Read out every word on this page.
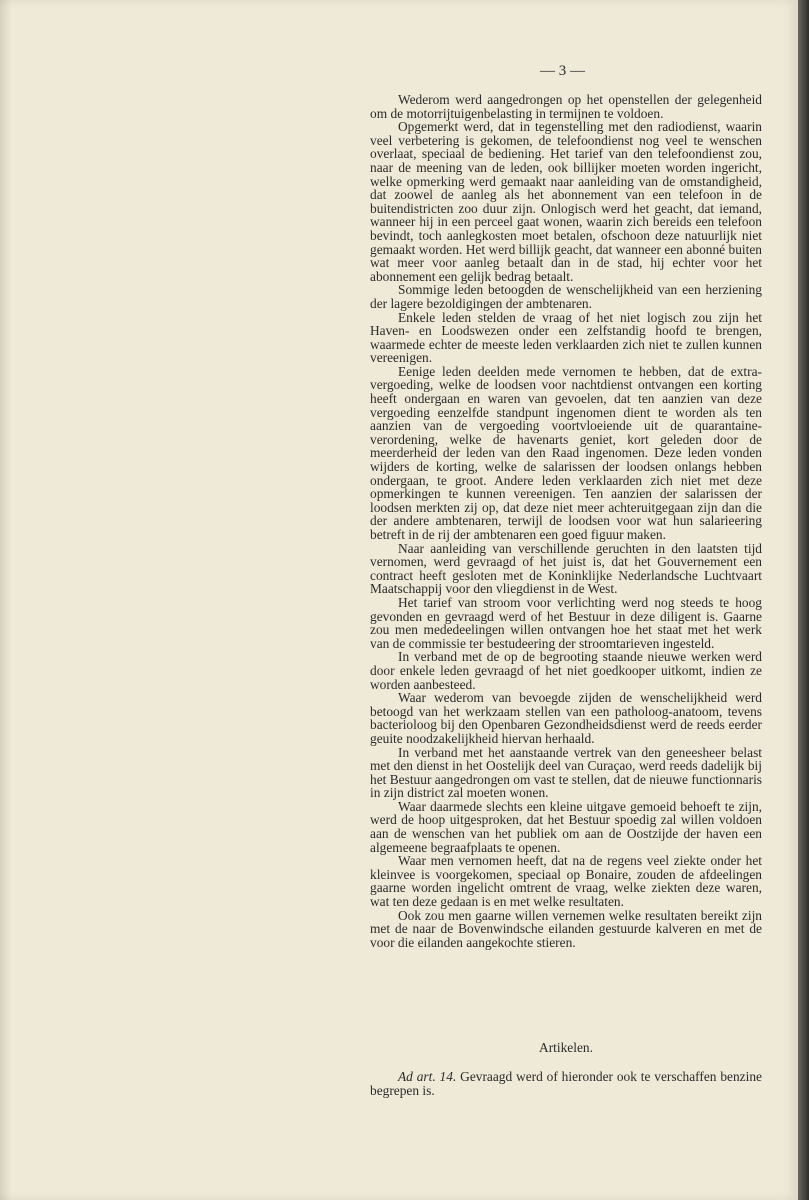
— 3 —

Wederom werd aangedrongen op het openstellen der gelegenheid om de motorrijtuigenbelasting in termijnen te voldoen.

Opgemerkt werd, dat in tegenstelling met den radiodienst, waarin veel verbetering is gekomen, de telefoondienst nog veel te wenschen overlaat, speciaal de bediening. Het tarief van den telefoondienst zou, naar de meening van de leden, ook billijker moeten worden ingericht, welke opmerking werd gemaakt naar aanleiding van de omstandigheid, dat zoowel de aanleg als het abonnement van een telefoon in de buitendistricten zoo duur zijn. Onlogisch werd het geacht, dat iemand, wanneer hij in een perceel gaat wonen, waarin zich bereids een telefoon bevindt, toch aanlegkosten moet betalen, ofschoon deze natuurlijk niet gemaakt worden. Het werd billijk geacht, dat wanneer een abonné buiten wat meer voor aanleg betaalt dan in de stad, hij echter voor het abonnement een gelijk bedrag betaalt.

Sommige leden betoogden de wenschelijkheid van een herziening der lagere bezoldigingen der ambtenaren.

Enkele leden stelden de vraag of het niet logisch zou zijn het Haven- en Loodswezen onder een zelfstandig hoofd te brengen, waarmede echter de meeste leden verklaarden zich niet te zullen kunnen vereenigen.

Eenige leden deelden mede vernomen te hebben, dat de extra-vergoeding, welke de loodsen voor nachtdienst ontvangen een korting heeft ondergaan en waren van gevoelen, dat ten aanzien van deze vergoeding eenzelfde standpunt ingenomen dient te worden als ten aanzien van de vergoeding voortvloeiende uit de quarantaine-verordening, welke de havenarts geniet, kort geleden door de meerderheid der leden van den Raad ingenomen. Deze leden vonden wijders de korting, welke de salarissen der loodsen onlangs hebben ondergaan, te groot. Andere leden verklaarden zich niet met deze opmerkingen te kunnen vereenigen. Ten aanzien der salarissen der loodsen merkten zij op, dat deze niet meer achteruitgegaan zijn dan die der andere ambtenaren, terwijl de loodsen voor wat hun salarieering betreft in de rij der ambtenaren een goed figuur maken.

Naar aanleiding van verschillende geruchten in den laatsten tijd vernomen, werd gevraagd of het juist is, dat het Gouvernement een contract heeft gesloten met de Koninklijke Nederlandsche Luchtvaart Maatschappij voor den vliegdienst in de West.

Het tarief van stroom voor verlichting werd nog steeds te hoog gevonden en gevraagd werd of het Bestuur in deze diligent is. Gaarne zou men mededeelingen willen ontvangen hoe het staat met het werk van de commissie ter bestudeering der stroomtarieven ingesteld.

In verband met de op de begrooting staande nieuwe werken werd door enkele leden gevraagd of het niet goedkooper uitkomt, indien ze worden aanbesteed.

Waar wederom van bevoegde zijden de wenschelijkheid werd betoogd van het werkzaam stellen van een patholoog-anatoom, tevens bacterioloog bij den Openbaren Gezondheidsdienst werd de reeds eerder geuite noodzakelijkheid hiervan herhaald.

In verband met het aanstaande vertrek van den geneesheer belast met den dienst in het Oostelijk deel van Curaçao, werd reeds dadelijk bij het Bestuur aangedrongen om vast te stellen, dat de nieuwe functionnaris in zijn district zal moeten wonen.

Waar daarmede slechts een kleine uitgave gemoeid behoeft te zijn, werd de hoop uitgesproken, dat het Bestuur spoedig zal willen voldoen aan de wenschen van het publiek om aan de Oostzijde der haven een algemeene begraafplaats te openen.

Waar men vernomen heeft, dat na de regens veel ziekte onder het kleinvee is voorgekomen, speciaal op Bonaire, zouden de afdeelingen gaarne worden ingelicht omtrent de vraag, welke ziekten deze waren, wat ten deze gedaan is en met welke resultaten.

Ook zou men gaarne willen vernemen welke resultaten bereikt zijn met de naar de Bovenwindsche eilanden gestuurde kalveren en met de voor die eilanden aangekochte stieren.

Artikelen.

Ad art. 14. Gevraagd werd of hieronder ook te verschaffen benzine begrepen is.
